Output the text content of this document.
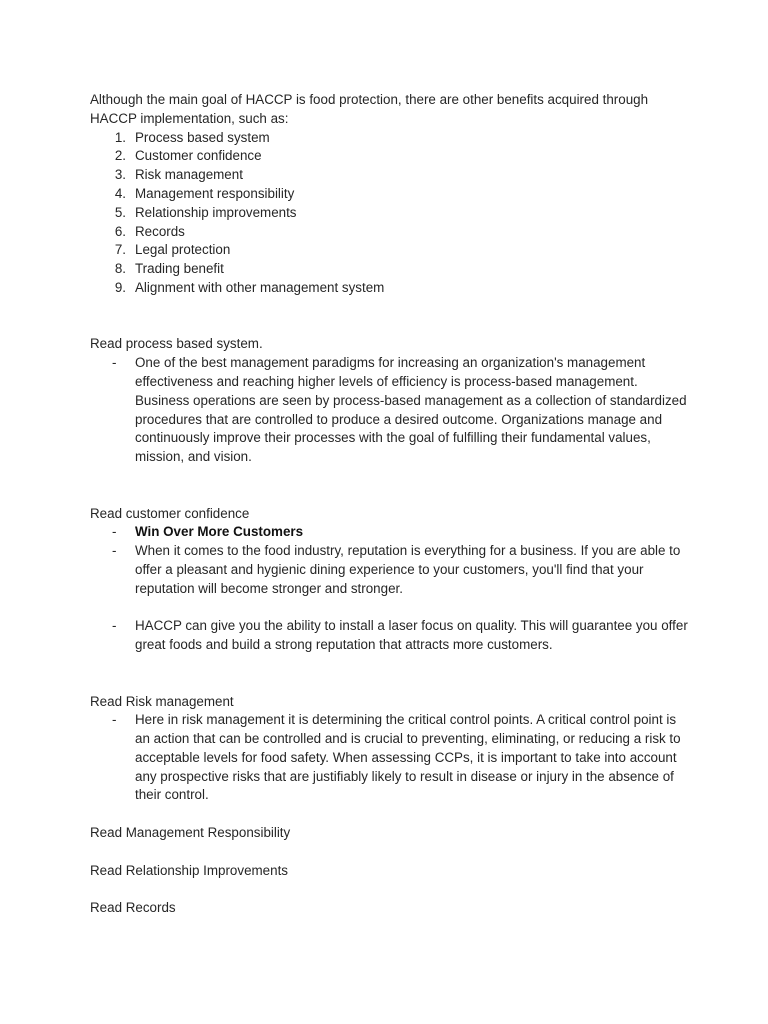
Although the main goal of HACCP is food protection, there are other benefits acquired through HACCP implementation, such as:

1. Process based system
2. Customer confidence
3. Risk management
4. Management responsibility
5. Relationship improvements
6. Records
7. Legal protection
8. Trading benefit
9. Alignment with other management system

Read process based system.

- One of the best management paradigms for increasing an organization's management effectiveness and reaching higher levels of efficiency is process-based management. Business operations are seen by process-based management as a collection of standardized procedures that are controlled to produce a desired outcome. Organizations manage and continuously improve their processes with the goal of fulfilling their fundamental values, mission, and vision.

Read customer confidence

- Win Over More Customers
- When it comes to the food industry, reputation is everything for a business. If you are able to offer a pleasant and hygienic dining experience to your customers, you'll find that your reputation will become stronger and stronger.
- HACCP can give you the ability to install a laser focus on quality. This will guarantee you offer great foods and build a strong reputation that attracts more customers.

Read Risk management

- Here in risk management it is determining the critical control points. A critical control point is an action that can be controlled and is crucial to preventing, eliminating, or reducing a risk to acceptable levels for food safety. When assessing CCPs, it is important to take into account any prospective risks that are justifiably likely to result in disease or injury in the absence of their control.

Read Management Responsibility

Read Relationship Improvements

Read Records
